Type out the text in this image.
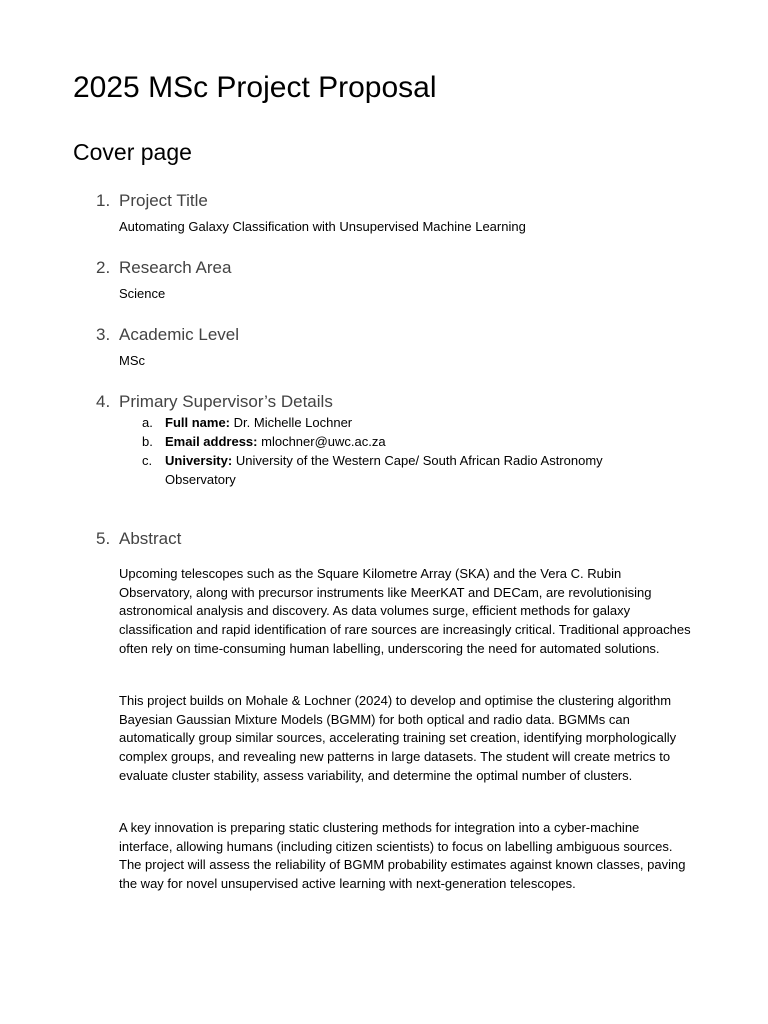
2025 MSc Project Proposal
Cover page
1. Project Title
Automating Galaxy Classification with Unsupervised Machine Learning
2. Research Area
Science
3. Academic Level
MSc
4. Primary Supervisor’s Details
a. Full name: Dr. Michelle Lochner
b. Email address: mlochner@uwc.ac.za
c. University: University of the Western Cape/ South African Radio Astronomy Observatory
5. Abstract

Upcoming telescopes such as the Square Kilometre Array (SKA) and the Vera C. Rubin Observatory, along with precursor instruments like MeerKAT and DECam, are revolutionising astronomical analysis and discovery. As data volumes surge, efficient methods for galaxy classification and rapid identification of rare sources are increasingly critical. Traditional approaches often rely on time-consuming human labelling, underscoring the need for automated solutions.

This project builds on Mohale & Lochner (2024) to develop and optimise the clustering algorithm Bayesian Gaussian Mixture Models (BGMM) for both optical and radio data. BGMMs can automatically group similar sources, accelerating training set creation, identifying morphologically complex groups, and revealing new patterns in large datasets. The student will create metrics to evaluate cluster stability, assess variability, and determine the optimal number of clusters.

A key innovation is preparing static clustering methods for integration into a cyber-machine interface, allowing humans (including citizen scientists) to focus on labelling ambiguous sources. The project will assess the reliability of BGMM probability estimates against known classes, paving the way for novel unsupervised active learning with next-generation telescopes.
